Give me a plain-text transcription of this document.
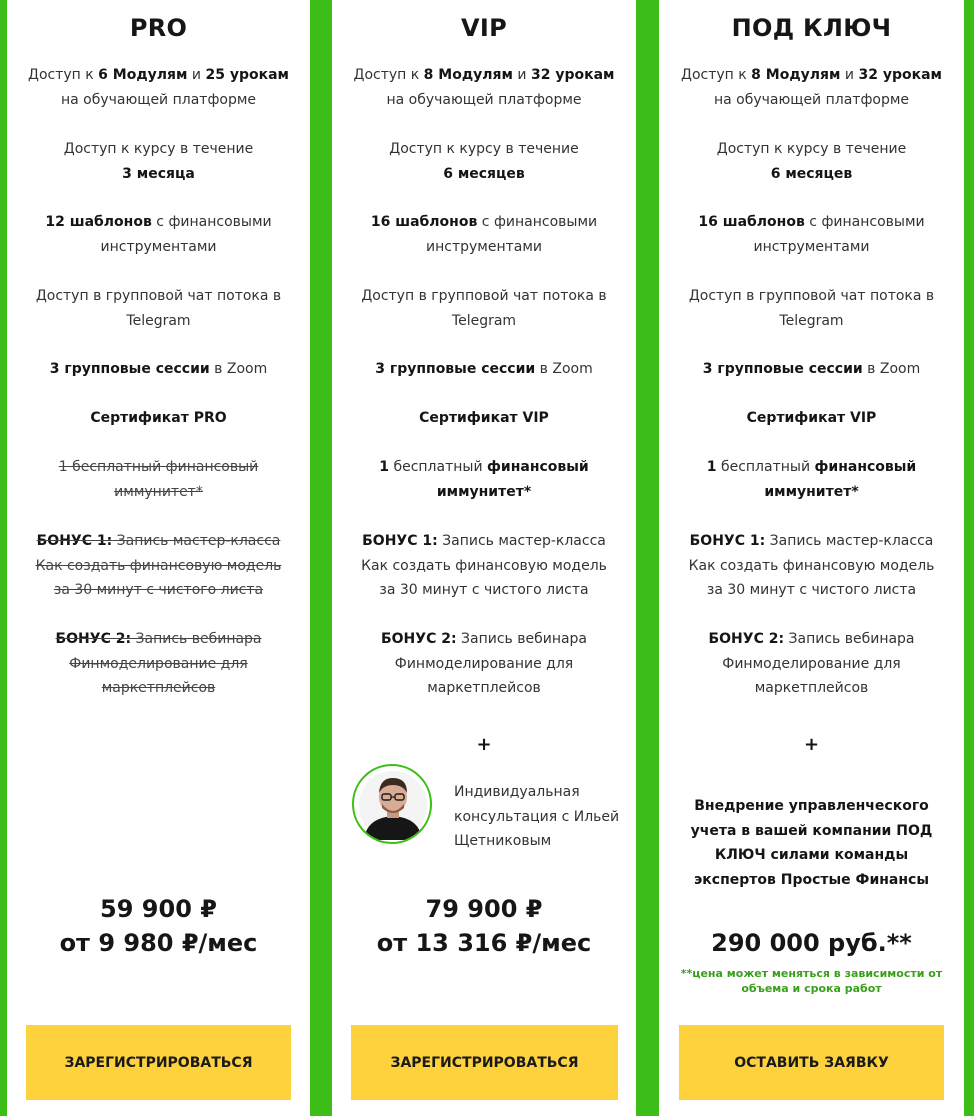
PRO
Доступ к 6 Модулям и 25 урокам
на обучающей платформе
Доступ к курсу в течение
3 месяца
12 шаблонов с финансовыми инструментами
Доступ в групповой чат потока в Telegram
3 групповые сессии в Zoom
Сертификат PRO
1 бесплатный финансовый иммунитет*
БОНУС 1: Запись мастер-класса Как создать финансовую модель за 30 минут с чистого листа
БОНУС 2: Запись вебинара Финмоделирование для маркетплейсов
59 900 ₽
от 9 980 ₽/мес
ЗАРЕГИСТРИРОВАТЬСЯ
VIP
Доступ к 8 Модулям и 32 урокам
на обучающей платформе
Доступ к курсу в течение
6 месяцев
16 шаблонов с финансовыми инструментами
Доступ в групповой чат потока в Telegram
3 групповые сессии в Zoom
Сертификат VIP
1 бесплатный финансовый иммунитет*
БОНУС 1: Запись мастер-класса Как создать финансовую модель за 30 минут с чистого листа
БОНУС 2: Запись вебинара Финмоделирование для маркетплейсов
+
Индивидуальная консультация с Ильей Щетниковым
79 900 ₽
от 13 316 ₽/мес
ЗАРЕГИСТРИРОВАТЬСЯ
ПОД КЛЮЧ
Доступ к 8 Модулям и 32 урокам
на обучающей платформе
Доступ к курсу в течение
6 месяцев
16 шаблонов с финансовыми инструментами
Доступ в групповой чат потока в Telegram
3 групповые сессии в Zoom
Сертификат VIP
1 бесплатный финансовый иммунитет*
БОНУС 1: Запись мастер-класса Как создать финансовую модель за 30 минут с чистого листа
БОНУС 2: Запись вебинара Финмоделирование для маркетплейсов
+
Внедрение управленческого учета в вашей компании ПОД КЛЮЧ силами команды экспертов Простые Финансы
290 000 руб.**
**цена может меняться в зависимости от объема и срока работ
ОСТАВИТЬ ЗАЯВКУ
